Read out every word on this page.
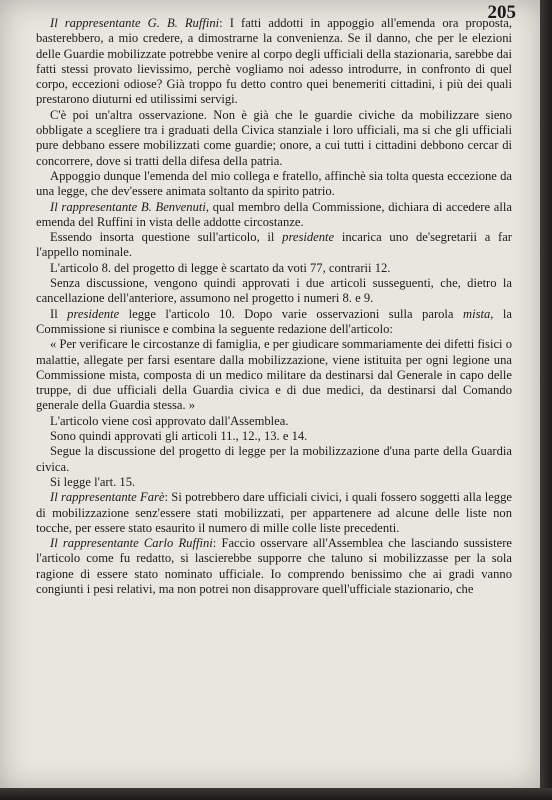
205

Il rappresentante G. B. Ruffini: I fatti addotti in appoggio all'emenda ora proposta, basterebbero, a mio credere, a dimostrarne la convenienza. Se il danno, che per le elezioni delle Guardie mobilizzate potrebbe venire al corpo degli ufficiali della stazionaria, sarebbe dai fatti stessi provato lievissimo, perchè vogliamo noi adesso introdurre, in confronto di quel corpo, eccezioni odiose? Già troppo fu detto contro quei benemeriti cittadini, i più dei quali prestarono diuturni ed utilissimi servigi.

C'è poi un'altra osservazione. Non è già che le guardie civiche da mobilizzare sieno obbligate a scegliere tra i graduati della Civica stanziale i loro ufficiali, ma si che gli ufficiali pure debbano essere mobilizzati come guardie; onore, a cui tutti i cittadini debbono cercar di concorrere, dove si tratti della difesa della patria.

Appoggio dunque l'emenda del mio collega e fratello, affinchè sia tolta questa eccezione da una legge, che dev'essere animata soltanto da spirito patrio.

Il rappresentante B. Benvenuti, qual membro della Commissione, dichiara di accedere alla emenda del Ruffini in vista delle addotte circostanze.

Essendo insorta questione sull'articolo, il presidente incarica uno de'segretarii a far l'appello nominale.

L'articolo 8. del progetto di legge è scartato da voti 77, contrarii 12.

Senza discussione, vengono quindi approvati i due articoli susseguenti, che, dietro la cancellazione dell'anteriore, assumono nel progetto i numeri 8. e 9.

Il presidente legge l'articolo 10. Dopo varie osservazioni sulla parola mista, la Commissione si riunisce e combina la seguente redazione dell'articolo:

« Per verificare le circostanze di famiglia, e per giudicare sommariamente dei difetti fisici o malattie, allegate per farsi esentare dalla mobilizzazione, viene istituita per ogni legione una Commissione mista, composta di un medico militare da destinarsi dal Generale in capo delle truppe, di due ufficiali della Guardia civica e di due medici, da destinarsi dal Comando generale della Guardia stessa. »

L'articolo viene così approvato dall'Assemblea.

Sono quindi approvati gli articoli 11., 12., 13. e 14.

Segue la discussione del progetto di legge per la mobilizzazione d'una parte della Guardia civica.

Si legge l'art. 15.

Il rappresentante Farè: Si potrebbero dare ufficiali civici, i quali fossero soggetti alla legge di mobilizzazione senz'essere stati mobilizzati, per appartenere ad alcune delle liste non tocche, per essere stato esaurito il numero di mille colle liste precedenti.

Il rappresentante Carlo Ruffini: Faccio osservare all'Assemblea che lasciando sussistere l'articolo come fu redatto, si lascierebbe supporre che taluno si mobilizzasse per la sola ragione di essere stato nominato ufficiale. Io comprendo benissimo che ai gradi vanno congiunti i pesi relativi, ma non potrei non disapprovare quell'ufficiale stazionario, che
